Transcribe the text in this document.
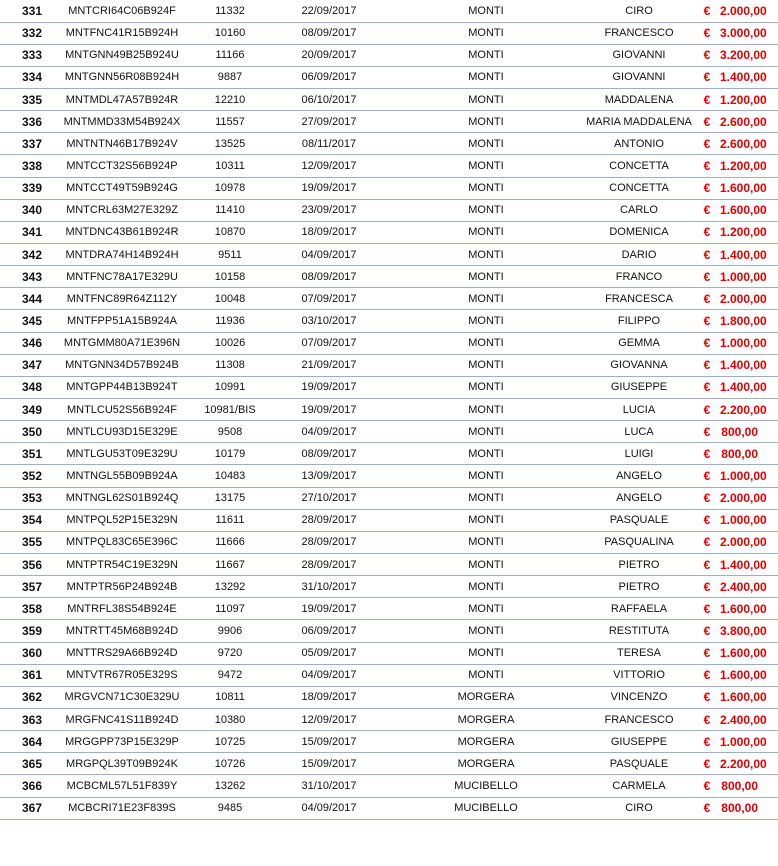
331	MNTCRI64C06B924F	11332	22/09/2017	MONTI	CIRO	€	2.000,00
332	MNTFNC41R15B924H	10160	08/09/2017	MONTI	FRANCESCO	€	3.000,00
333	MNTGNN49B25B924U	11166	20/09/2017	MONTI	GIOVANNI	€	3.200,00
334	MNTGNN56R08B924H	9887	06/09/2017	MONTI	GIOVANNI	€	1.400,00
335	MNTMDL47A57B924R	12210	06/10/2017	MONTI	MADDALENA	€	1.200,00
336	MNTMMD33M54B924X	11557	27/09/2017	MONTI	MARIA MADDALENA	€	2.600,00
337	MNTNTN46B17B924V	13525	08/11/2017	MONTI	ANTONIO	€	2.600,00
338	MNTCCT32S56B924P	10311	12/09/2017	MONTI	CONCETTA	€	1.200,00
339	MNTCCT49T59B924G	10978	19/09/2017	MONTI	CONCETTA	€	1.600,00
340	MNTCRL63M27E329Z	11410	23/09/2017	MONTI	CARLO	€	1.600,00
341	MNTDNC43B61B924R	10870	18/09/2017	MONTI	DOMENICA	€	1.200,00
342	MNTDRA74H14B924H	9511	04/09/2017	MONTI	DARIO	€	1.400,00
343	MNTFNC78A17E329U	10158	08/09/2017	MONTI	FRANCO	€	1.000,00
344	MNTFNC89R64Z112Y	10048	07/09/2017	MONTI	FRANCESCA	€	2.000,00
345	MNTFPP51A15B924A	11936	03/10/2017	MONTI	FILIPPO	€	1.800,00
346	MNTGMM80A71E396N	10026	07/09/2017	MONTI	GEMMA	€	1.000,00
347	MNTGNN34D57B924B	11308	21/09/2017	MONTI	GIOVANNA	€	1.400,00
348	MNTGPP44B13B924T	10991	19/09/2017	MONTI	GIUSEPPE	€	1.400,00
349	MNTLCU52S56B924F	10981/BIS	19/09/2017	MONTI	LUCIA	€	2.200,00
350	MNTLCU93D15E329E	9508	04/09/2017	MONTI	LUCA	€	800,00
351	MNTLGU53T09E329U	10179	08/09/2017	MONTI	LUIGI	€	800,00
352	MNTNGL55B09B924A	10483	13/09/2017	MONTI	ANGELO	€	1.000,00
353	MNTNGL62S01B924Q	13175	27/10/2017	MONTI	ANGELO	€	2.000,00
354	MNTPQL52P15E329N	11611	28/09/2017	MONTI	PASQUALE	€	1.000,00
355	MNTPQL83C65E396C	11666	28/09/2017	MONTI	PASQUALINA	€	2.000,00
356	MNTPTR54C19E329N	11667	28/09/2017	MONTI	PIETRO	€	1.400,00
357	MNTPTR56P24B924B	13292	31/10/2017	MONTI	PIETRO	€	2.400,00
358	MNTRFL38S54B924E	11097	19/09/2017	MONTI	RAFFAELA	€	1.600,00
359	MNTRTT45M68B924D	9906	06/09/2017	MONTI	RESTITUTA	€	3.800,00
360	MNTTRS29A66B924D	9720	05/09/2017	MONTI	TERESA	€	1.600,00
361	MNTVTR67R05E329S	9472	04/09/2017	MONTI	VITTORIO	€	1.600,00
362	MRGVCN71C30E329U	10811	18/09/2017	MORGERA	VINCENZO	€	1.600,00
363	MRGFNC41S11B924D	10380	12/09/2017	MORGERA	FRANCESCO	€	2.400,00
364	MRGGPP73P15E329P	10725	15/09/2017	MORGERA	GIUSEPPE	€	1.000,00
365	MRGPQL39T09B924K	10726	15/09/2017	MORGERA	PASQUALE	€	2.200,00
366	MCBCML57L51F839Y	13262	31/10/2017	MUCIBELLO	CARMELA	€	800,00
367	MCBCRI71E23F839S	9485	04/09/2017	MUCIBELLO	CIRO	€	800,00
